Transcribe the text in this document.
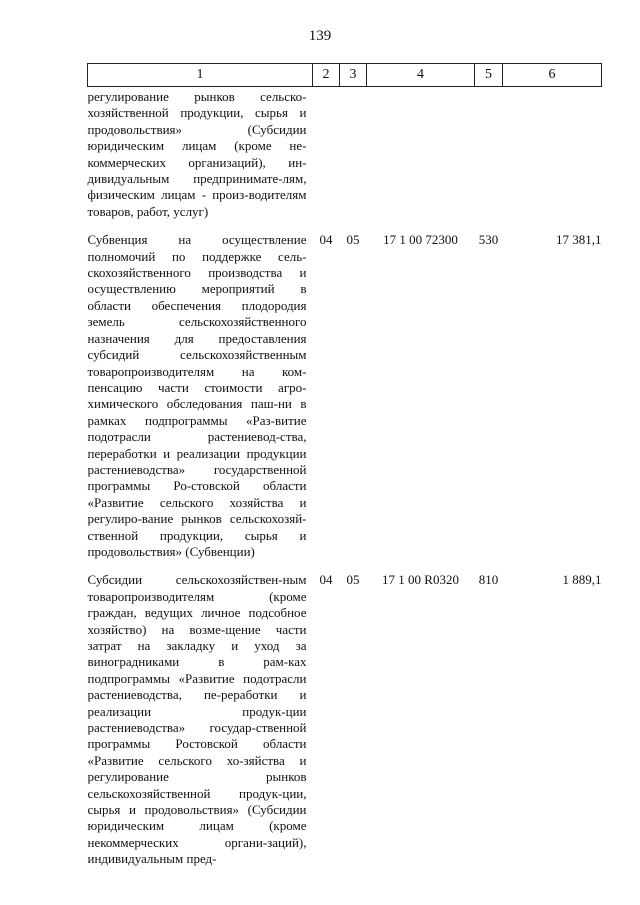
139
1	2	3	4	5	6
регулирование рынков сельско-хозяйственной продукции, сырья и продовольствия» (Субсидии юридическим лицам (кроме не-коммерческих организаций), ин-дивидуальным предпринимате-лям, физическим лицам - произ-водителям товаров, работ, услуг)					
Субвенция на осуществление полномочий по поддержке сель-скохозяйственного производства и осуществлению мероприятий в области обеспечения плодородия земель сельскохозяйственного назначения для предоставления субсидий сельскохозяйственным товаропроизводителям на ком-пенсацию части стоимости агро-химического обследования паш-ни в рамках подпрограммы «Раз-витие подотрасли растениевод-ства, переработки и реализации продукции растениеводства» государственной программы Ро-стовской области «Развитие сельского хозяйства и регулиро-вание рынков сельскохозяй-ственной продукции, сырья и продовольствия» (Субвенции)	04	05	17 1 00 72300	530	17 381,1
Субсидии сельскохозяйствен-ным товаропроизводителям (кроме граждан, ведущих личное подсобное хозяйство) на возме-щение части затрат на закладку и уход за виноградниками в рам-ках подпрограммы «Развитие подотрасли растениеводства, пе-реработки и реализации продук-ции растениеводства» государ-ственной программы Ростовской области «Развитие сельского хо-зяйства и регулирование рынков сельскохозяйственной продук-ции, сырья и продовольствия» (Субсидии юридическим лицам (кроме некоммерческих органи-заций), индивидуальным пред-	04	05	17 1 00 R0320	810	1 889,1
